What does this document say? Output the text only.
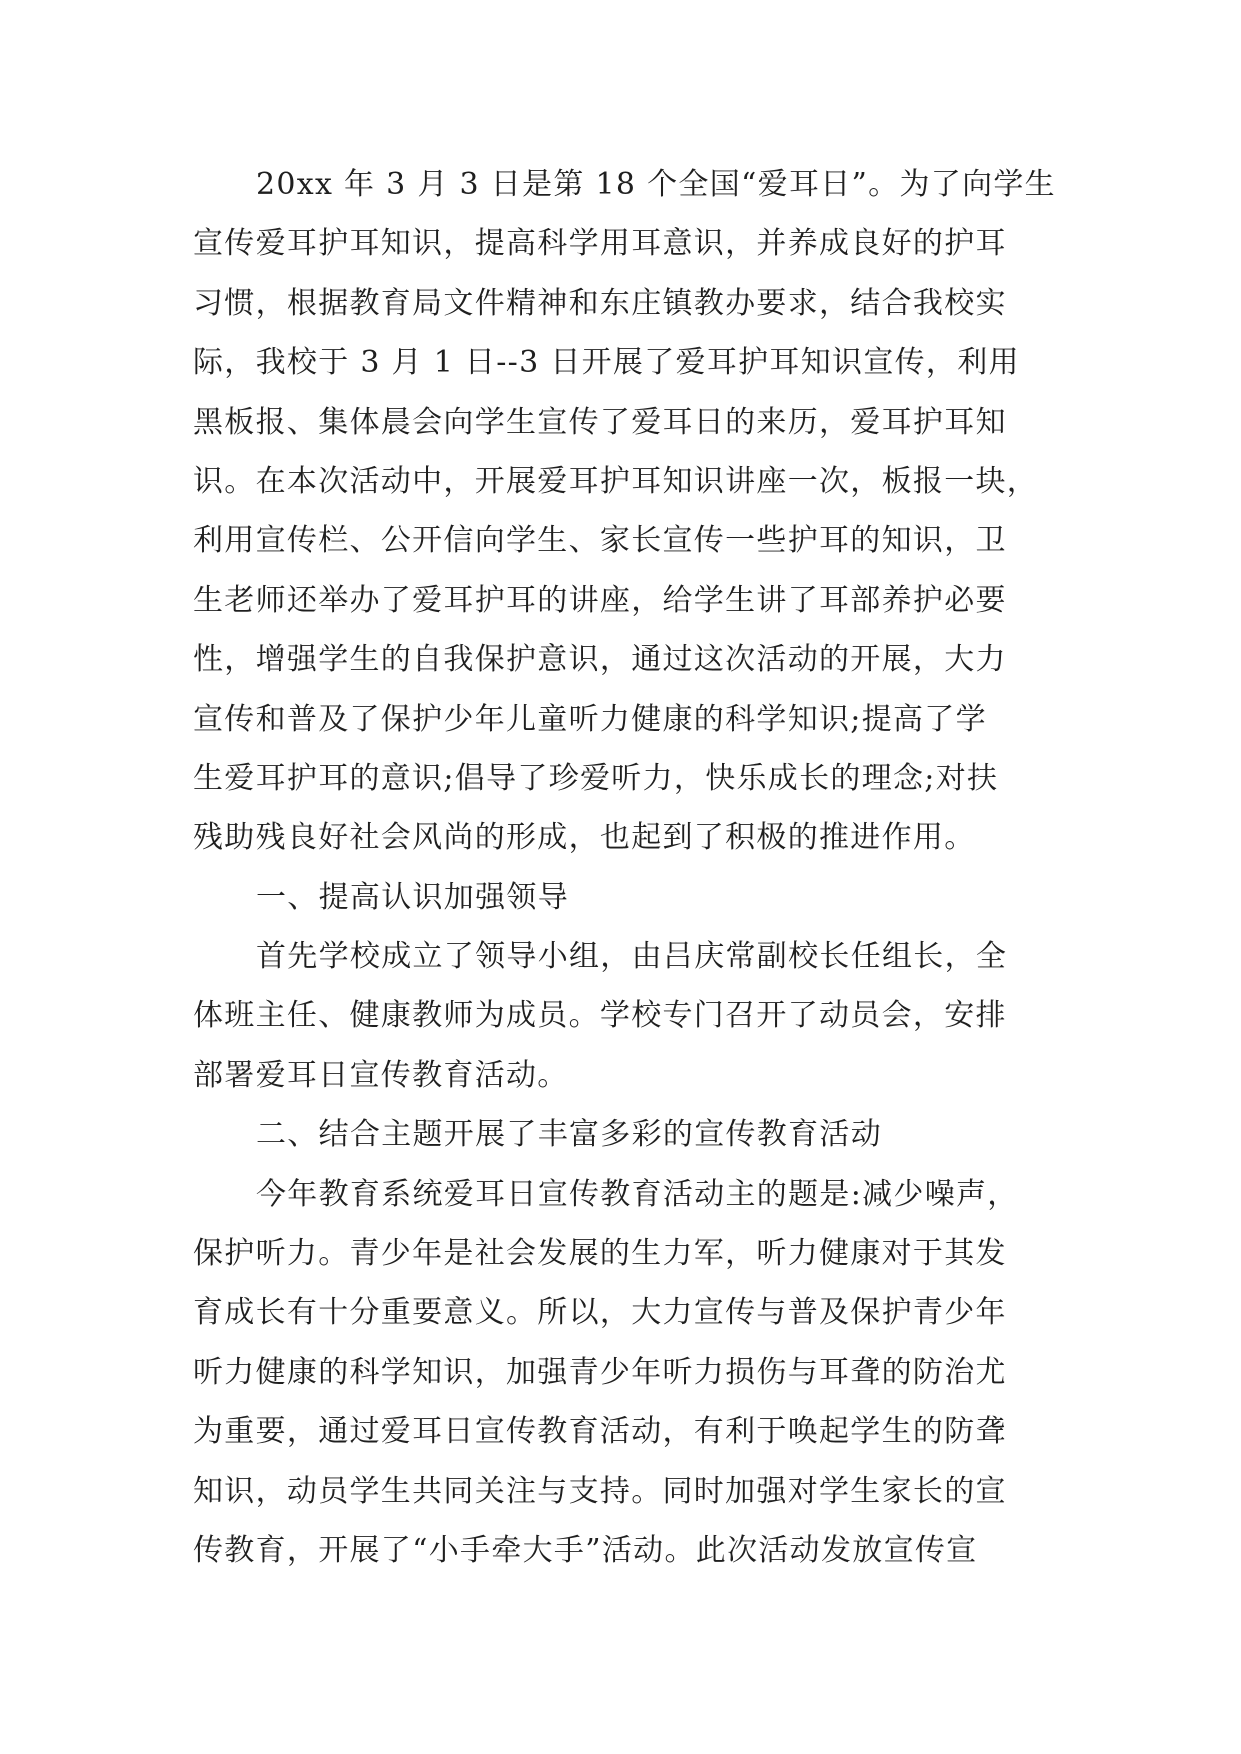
20xx 年 3 月 3 日是第 18 个全国“爱耳日”。为了向学生
宣传爱耳护耳知识，提高科学用耳意识，并养成良好的护耳
习惯，根据教育局文件精神和东庄镇教办要求，结合我校实
际，我校于 3 月 1 日--3 日开展了爱耳护耳知识宣传，利用
黑板报、集体晨会向学生宣传了爱耳日的来历，爱耳护耳知
识。在本次活动中，开展爱耳护耳知识讲座一次，板报一块，
利用宣传栏、公开信向学生、家长宣传一些护耳的知识，卫
生老师还举办了爱耳护耳的讲座，给学生讲了耳部养护必要
性，增强学生的自我保护意识，通过这次活动的开展，大力
宣传和普及了保护少年儿童听力健康的科学知识;提高了学
生爱耳护耳的意识;倡导了珍爱听力，快乐成长的理念;对扶
残助残良好社会风尚的形成，也起到了积极的推进作用。
一、提高认识加强领导
首先学校成立了领导小组，由吕庆常副校长任组长，全
体班主任、健康教师为成员。学校专门召开了动员会，安排
部署爱耳日宣传教育活动。
二、结合主题开展了丰富多彩的宣传教育活动
今年教育系统爱耳日宣传教育活动主的题是:减少噪声，
保护听力。青少年是社会发展的生力军，听力健康对于其发
育成长有十分重要意义。所以，大力宣传与普及保护青少年
听力健康的科学知识，加强青少年听力损伤与耳聋的防治尤
为重要，通过爱耳日宣传教育活动，有利于唤起学生的防聋
知识，动员学生共同关注与支持。同时加强对学生家长的宣
传教育，开展了“小手牵大手”活动。此次活动发放宣传宣
